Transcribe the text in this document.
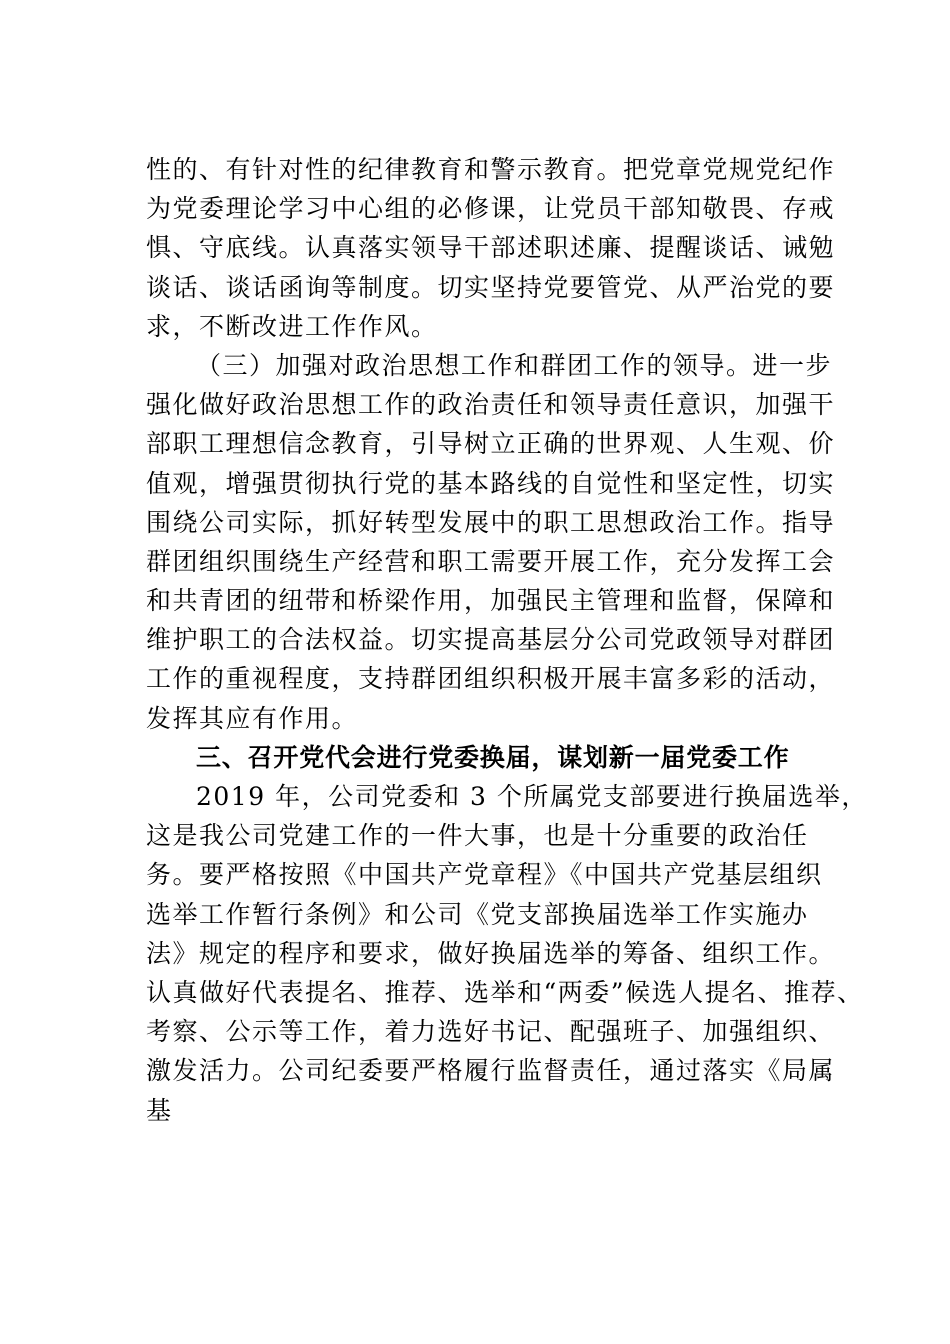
性的、有针对性的纪律教育和警示教育。把党章党规党纪作
为党委理论学习中心组的必修课，让党员干部知敬畏、存戒
惧、守底线。认真落实领导干部述职述廉、提醒谈话、诫勉
谈话、谈话函询等制度。切实坚持党要管党、从严治党的要
求，不断改进工作作风。
（三）加强对政治思想工作和群团工作的领导。进一步
强化做好政治思想工作的政治责任和领导责任意识，加强干
部职工理想信念教育，引导树立正确的世界观、人生观、价
值观，增强贯彻执行党的基本路线的自觉性和坚定性，切实
围绕公司实际，抓好转型发展中的职工思想政治工作。指导
群团组织围绕生产经营和职工需要开展工作，充分发挥工会
和共青团的纽带和桥梁作用，加强民主管理和监督，保障和
维护职工的合法权益。切实提高基层分公司党政领导对群团
工作的重视程度，支持群团组织积极开展丰富多彩的活动，
发挥其应有作用。
三、召开党代会进行党委换届，谋划新一届党委工作
2019 年，公司党委和 3 个所属党支部要进行换届选举，
这是我公司党建工作的一件大事，也是十分重要的政治任
务。要严格按照《中国共产党章程》《中国共产党基层组织
选举工作暂行条例》和公司《党支部换届选举工作实施办
法》规定的程序和要求，做好换届选举的筹备、组织工作。
认真做好代表提名、推荐、选举和“两委”候选人提名、推荐、
考察、公示等工作，着力选好书记、配强班子、加强组织、
激发活力。公司纪委要严格履行监督责任，通过落实《局属
基
